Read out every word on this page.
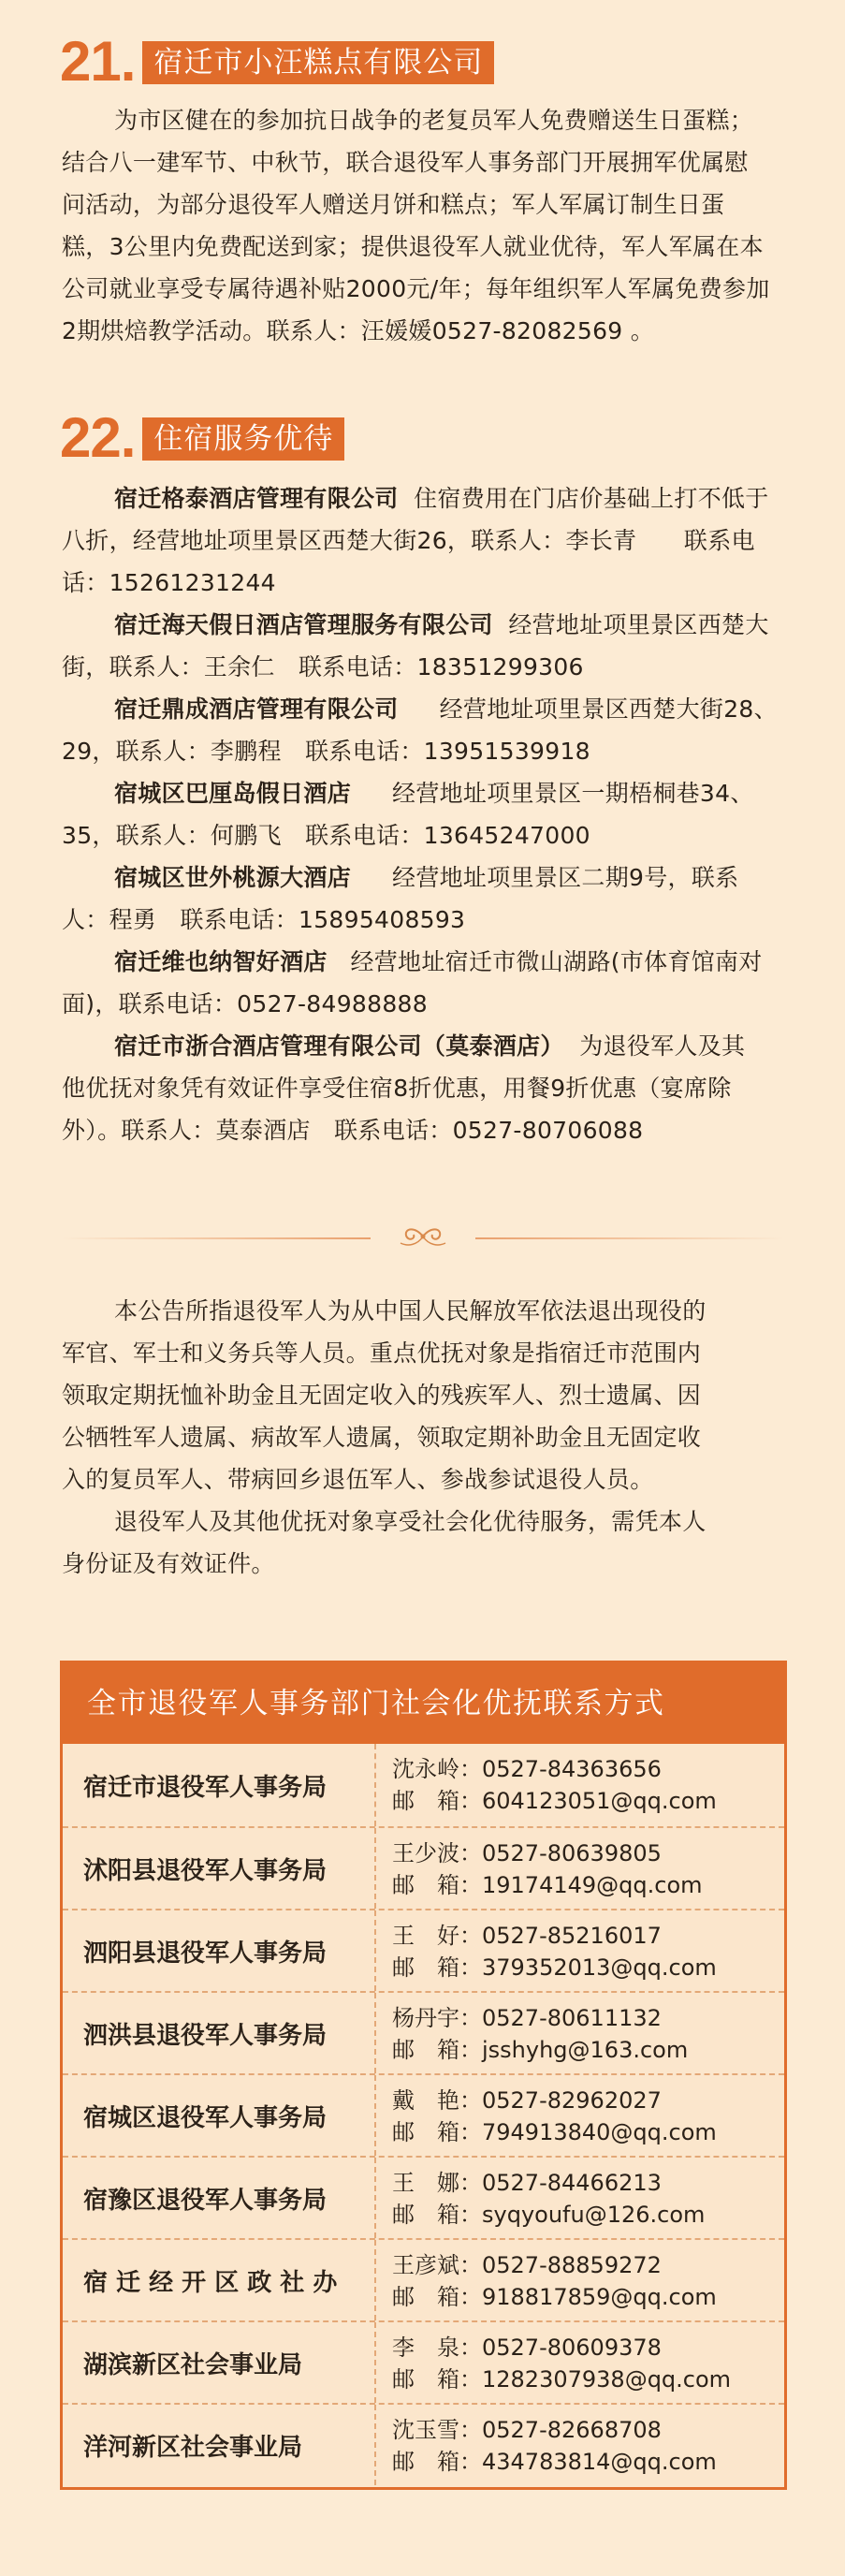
21. 宿迁市小汪糕点有限公司
为市区健在的参加抗日战争的老复员军人免费赠送生日蛋糕；
结合八一建军节、中秋节，联合退役军人事务部门开展拥军优属慰
问活动，为部分退役军人赠送月饼和糕点；军人军属订制生日蛋
糕，3公里内免费配送到家；提供退役军人就业优待，军人军属在本
公司就业享受专属待遇补贴2000元/年；每年组织军人军属免费参加
2期烘焙教学活动。联系人：汪媛媛0527-82082569 。
22. 住宿服务优待
宿迁格泰酒店管理有限公司 住宿费用在门店价基础上打不低于
八折，经营地址项里景区西楚大街26，联系人：李长青　　联系电
话：15261231244
宿迁海天假日酒店管理服务有限公司 经营地址项里景区西楚大
街，联系人：王余仁　联系电话：18351299306
宿迁鼎成酒店管理有限公司 经营地址项里景区西楚大街28、
29，联系人：李鹏程　联系电话：13951539918
宿城区巴厘岛假日酒店 经营地址项里景区一期梧桐巷34、
35，联系人：何鹏飞　联系电话：13645247000
宿城区世外桃源大酒店 经营地址项里景区二期9号，联系
人：程勇　联系电话：15895408593
宿迁维也纳智好酒店 经营地址宿迁市微山湖路(市体育馆南对
面)，联系电话：0527-84988888
宿迁市浙合酒店管理有限公司（莫泰酒店） 为退役军人及其
他优抚对象凭有效证件享受住宿8折优惠，用餐9折优惠（宴席除
外）。联系人：莫泰酒店　联系电话：0527-80706088
本公告所指退役军人为从中国人民解放军依法退出现役的
军官、军士和义务兵等人员。重点优抚对象是指宿迁市范围内
领取定期抚恤补助金且无固定收入的残疾军人、烈士遗属、因
公牺牲军人遗属、病故军人遗属，领取定期补助金且无固定收
入的复员军人、带病回乡退伍军人、参战参试退役人员。
退役军人及其他优抚对象享受社会化优待服务，需凭本人
身份证及有效证件。
全市退役军人事务部门社会化优抚联系方式
宿迁市退役军人事务局
沈永岭：0527-84363656
邮　箱：604123051@qq.com
沭阳县退役军人事务局
王少波：0527-80639805
邮　箱：19174149@qq.com
泗阳县退役军人事务局
王　好：0527-85216017
邮　箱：379352013@qq.com
泗洪县退役军人事务局
杨丹宇：0527-80611132
邮　箱：jsshyhg@163.com
宿城区退役军人事务局
戴　艳：0527-82962027
邮　箱：794913840@qq.com
宿豫区退役军人事务局
王　娜：0527-84466213
邮　箱：syqyoufu@126.com
宿 迁 经 开 区 政 社 办
王彦斌：0527-88859272
邮　箱：918817859@qq.com
湖滨新区社会事业局
李　泉：0527-80609378
邮　箱：1282307938@qq.com
洋河新区社会事业局
沈玉雪：0527-82668708
邮　箱：434783814@qq.com
